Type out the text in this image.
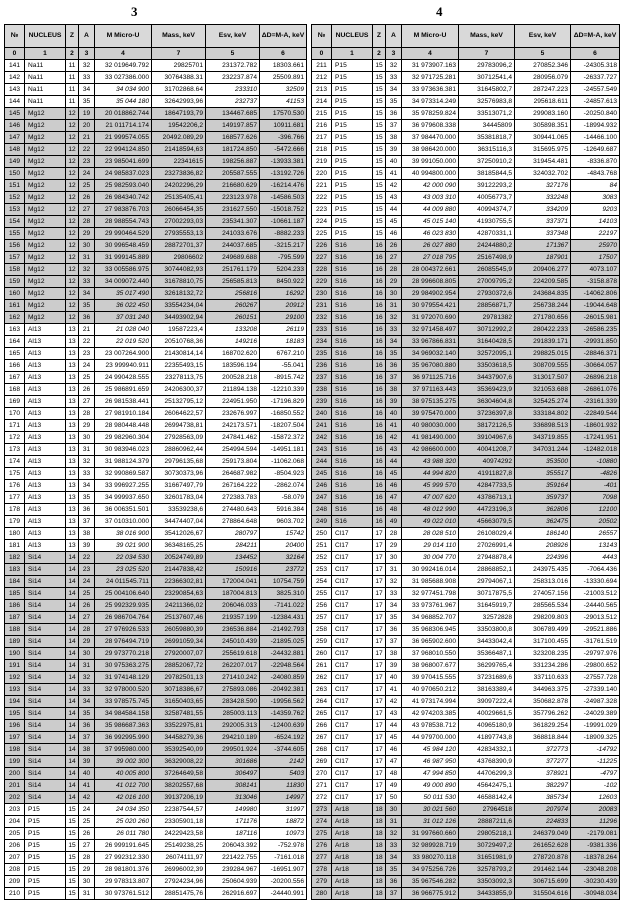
3	4
№	NUCLEUS	Z	A	M Micro-U	Mass, keV	Esv, keV	ΔD=M-A, keV
0	1	2	3	4	7	5	6
141	Na11	11	32	32 019649.792	29825701	231372.782	18303.661
142	Na11	11	33	33 027386.000	30764388.31	232237.874	25509.891
143	Na11	11	34	34 034 900	31702868.64	233310	32509
144	Na11	11	35	35 044 180	32642993,96	232737	41153
145	Mg12	12	19	20 018862.744	18647193,79	134467.685	17570.530
146	Mg12	12	20	21 011714.174	19542206,2	149197.857	10911.681
147	Mg12	12	21	21 999574.055	20492.089,29	168577.626	-396.766
148	Mg12	12	22	22 994124.850	21418594,63	181724.850	-5472.666
149	Mg12	12	23	23 985041.699	22341615	198256.887	-13933.381
150	Mg12	12	24	24 985837.023	23273836,82	205587.555	-13192.726
151	Mg12	12	25	25 982593.040	24202296,29	216680.629	-16214.476
152	Mg12	12	26	26 984340.742	25135405,41	223123.978	-14586.503
153	Mg12	12	27	27 983876.703	26066454,35	231627.550	-15018.752
154	Mg12	12	28	28 988554.743	27002293,03	235341.307	-10661.187
155	Mg12	12	29	29 990464.529	27935553,13	241033.676	-8882.233
156	Mg12	12	30	30 996548.459	28872701,37	244037.685	-3215.217
157	Mg12	12	31	31 999145.889	29806602	249689.688	-795.599
158	Mg12	12	32	33 005586.975	30744082,93	251761.179	5204.233
159	Mg12	12	33	34 009072.440	31678810,75	256585.813	8450.922
160	Mg12	12	34	35 017 490	32618132,72	256816	16292
161	Mg12	12	35	36 022 450	33554234,04	260267	20912
162	Mg12	12	36	37 031 240	34493902,94	260151	29100
163	Al13	13	21	21 028 040	19587223,4	133208	26119
164	Al13	13	22	22 019 520	20510768,36	149216	18183
165	Al13	13	23	23 007264.900	21430814,14	168702.620	6767.210
166	Al13	13	24	23 999940.911	22355493,15	183596.194	-55.041
167	Al13	13	25	24 990428.555	23278113,75	200528.218	-8915.742
168	Al13	13	26	25 986891.659	24206300,37	211894.138	-12210.339
169	Al13	13	27	26 981538.441	25132795,12	224951.950	-17196.829
170	Al13	13	28	27 981910.184	26064622,57	232676.997	-16850.552
171	Al13	13	29	28 980448.448	26994738,81	242173.571	-18207.504
172	Al13	13	30	29 982960.304	27928563,09	247841.462	-15872.372
173	Al13	13	31	30 983946.023	28860962,44	254994.594	-14951.181
174	Al13	13	32	31 988124.379	29796135,68	259173.804	-11062.068
175	Al13	13	33	32 990869.587	30730373,96	264687.982	-8504.923
176	Al13	13	34	33 996927.255	31667497,79	267164.222	-2862.074
177	Al13	13	35	34 999937.650	32601783,04	272383.783	-58.079
178	Al13	13	36	36 006351.501	33539238,6	274480.643	5916.384
179	Al13	13	37	37 010310.000	34474407,04	278864.648	9603.702
180	Al13	13	38	38 016 900	35412026,67	280797	15742
181	Al13	13	39	39 021 900	36348165,25	284211	20400
182	Si14	14	22	22 034 530	20524749,89	134452	32164
183	Si14	14	23	23 025 520	21447838,42	150916	23772
184	Si14	14	24	24 011545.711	22366302,81	172004.041	10754.759
185	Si14	14	25	25 004106.640	23290854,63	187004.813	3825.310
186	Si14	14	26	25 992329.935	24211366,02	206046.033	-7141.022
187	Si14	14	27	26 986704.764	25137607,46	219357.199	-12384.431
188	Si14	14	28	27 976926.533	26059880,39	236536.884	-21492.793
189	Si14	14	29	28 976494.719	26991059,34	245010.439	-21895.025
190	Si14	14	30	29 973770.218	27920007,07	255619.618	-24432.881
191	Si14	14	31	30 975363.275	28852067,72	262207.017	-22948.564
192	Si14	14	32	31 974148.129	29782501,13	271410.242	-24080.859
193	Si14	14	33	32 978000.520	30718386,67	275893.086	-20492.381
194	Si14	14	34	33 978575.745	31650403,65	283428.590	-19956.562
195	Si14	14	35	34 984584.158	32587481,55	285003.113	-14359.762
196	Si14	14	36	35 986687.363	33522975,81	292005.313	-12400.639
197	Si14	14	37	36 992995.990	34458279,36	294210.189	-6524.192
198	Si14	14	38	37 995980.000	35392540,09	299501.924	-3744.605
199	Si14	14	39	39 002 300	36329008,22	301686	2142
200	Si14	14	40	40 005 800	37264649,58	306497	5403
201	Si14	14	41	41 012 700	38202557,68	308141	11830
202	Si14	14	42	42 016 100	39137206,19	313046	14997
203	P15	15	24	24 034 350	22387544,57	149980	31997
204	P15	15	25	25 020 260	23305901,18	171176	18872
205	P15	15	26	26 011 780	24229423,58	187116	10973
206	P15	15	27	26 999191.645	25149238,25	206043.392	-752.978
207	P15	15	28	27 992312.330	26074111,97	221422.755	-7161.018
208	P15	15	29	28 981801.376	26996002,39	239284.967	-16951.907
209	P15	15	30	29 978313.807	27924234,96	250604.939	-20200.556
210	P15	15	31	30 973761.512	28851475,76	262916.697	-24440.991
№	NUCLEUS	Z	A	M Micro-U	Mass, keV	Esv, keV	ΔD=M-A, keV
0	1	2	3	4	7	5	6
211	P15	15	32	31 973907.163	29783096,2	270852.346	-24305.318
212	P15	15	33	32 971725.281	30712541,4	280956.079	-26337.727
213	P15	15	34	33 973636.381	31645802,7	287247.223	-24557.549
214	P15	15	35	34 973314.249	32576983,8	295618.611	-24857.613
215	P15	15	36	35 978259.824	33513071,2	299083.160	-20250.840
216	P15	15	37	36 979608.338	34445809	305898.351	-18994.932
217	P15	15	38	37 984470.000	35381818,7	309441.065	-14466.100
218	P15	15	39	38 986420.000	36315116,3	315695.975	-12649.687
219	P15	15	40	39 991050.000	37250910,2	319454.481	-8336.870
220	P15	15	41	40 994800.000	38185844,5	324032.702	-4843.768
221	P15	15	42	42 000 090	39122293,2	327176	84
222	P15	15	43	43 003 310	40056773,7	332248	3083
223	P15	15	44	44 009 880	40994374,7	334209	9203
224	P15	15	45	45 015 140	41930755,5	337371	14103
225	P15	15	46	46 023 830	42870331,1	337348	22197
226	S16	16	26	26 027 880	24244880,2	171367	25970
227	S16	16	27	27 018 795	25167498,9	187901	17507
228	S16	16	28	28 004372.661	26085545,9	209406.277	4073.107
229	S16	16	29	28 996608.805	27009795,2	224209.585	-3158.878
230	S16	16	30	29 984902.954	27930372,6	243684.835	-14062.806
231	S16	16	31	30 979554.421	28856871,7	256738.244	-19044.648
232	S16	16	32	31 972070.690	29781382	271780.656	-26015.981
233	S16	16	33	32 971458.497	30712992,2	280422.233	-26586.235
234	S16	16	34	33 967866.831	31640428,5	291839.171	-29931.850
235	S16	16	35	34 969032.140	32572095,1	298825.015	-28846.371
236	S16	16	36	35 967080.880	33503618,5	308709.555	-30664.057
237	S16	16	37	36 971125.716	34437907,6	313017.507	-26896.218
238	S16	16	38	37 971163.443	35369423,9	321053.688	-26861.076
239	S16	16	39	38 975135.275	36304604,8	325425.274	-23161.339
240	S16	16	40	39 975470.000	37236397,8	333184.802	-22849.544
241	S16	16	41	40 980030.000	38172126,5	336898.513	-18601.932
242	S16	16	42	41 981490.000	39104967,6	343719.855	-17241.951
243	S16	16	43	42 986600.000	40041208,7	347031.244	-12482.018
244	S16	16	44	43 988 320	40974292	353500	-10880
245	S16	16	45	44 994 820	41911827,8	355517	-4826
246	S16	16	46	45 999 570	42847733,5	359164	-401
247	S16	16	47	47 007 620	43786713,1	359737	7098
248	S16	16	48	48 012 990	44723196,3	362806	12100
249	S16	16	49	49 022 010	45663079,5	362475	20502
250	Cl17	17	28	28 028 510	26108029,4	186140	26557
251	Cl17	17	29	29 014 110	27026991,4	208926	13143
252	Cl17	17	30	30 004 770	27948878,4	224396	4443
253	Cl17	17	31	30 992416.014	28868852,1	243975.435	-7064.436
254	Cl17	17	32	31 985688.908	29794067,1	258313.016	-13330.694
255	Cl17	17	33	32 977451.798	30717875,5	274057.156	-21003.512
256	Cl17	17	34	33 973761.967	31645919,7	285565.534	-24440.565
257	Cl17	17	35	34 968852.707	32572828	298209.803	-29013.512
258	Cl17	17	36	35 968306.945	33503800,8	306789.499	-29521.886
259	Cl17	17	37	36 965902.600	34433042,4	317100.455	-31761.519
260	Cl17	17	38	37 968010.550	35366487,1	323208.235	-29797.976
261	Cl17	17	39	38 968007.677	36299765,4	331234.286	-29800.652
262	Cl17	17	40	39 970415.555	37231689,6	337110.633	-27557.728
263	Cl17	17	41	40 970650.212	38163389,4	344963.375	-27339.140
264	Cl17	17	42	41 973174.994	39097222,4	350682.878	-24987.328
265	Cl17	17	43	42 974203.385	40029661,5	357796.262	-24029.389
266	Cl17	17	44	43 978538.712	40965180,9	361829.254	-19991.029
267	Cl17	17	45	44 979700.000	41897743,8	368818.844	-18909.325
268	Cl17	17	46	45 984 120	42834332,1	372773	-14792
269	Cl17	17	47	46 987 950	43768390,9	377277	-11225
270	Cl17	17	48	47 994 850	44706299,3	378921	-4797
271	Cl17	17	49	49 000 890	45642475,1	382297	-102
272	Cl17	17	50	50 011 530	46588142,4	385734	12603
273	Ar18	18	30	30 021 560	27964518	207974	20083
274	Ar18	18	31	31 012 126	28887211,6	224833	11296
275	Ar18	18	32	31 997660.660	29805218,1	246379.049	-2179.081
276	Ar18	18	33	32 989928.719	30729497,2	261652.628	-9381.336
277	Ar18	18	34	33 980270.118	31651981,9	278720.878	-18378.264
278	Ar18	18	35	34 975256.726	32578793,2	291462.144	-23048.208
279	Ar18	18	36	35 967546.282	33503092,3	306715.699	-30230.439
280	Ar18	18	37	36 966775.912	34433855,9	315504.616	-30948.034
